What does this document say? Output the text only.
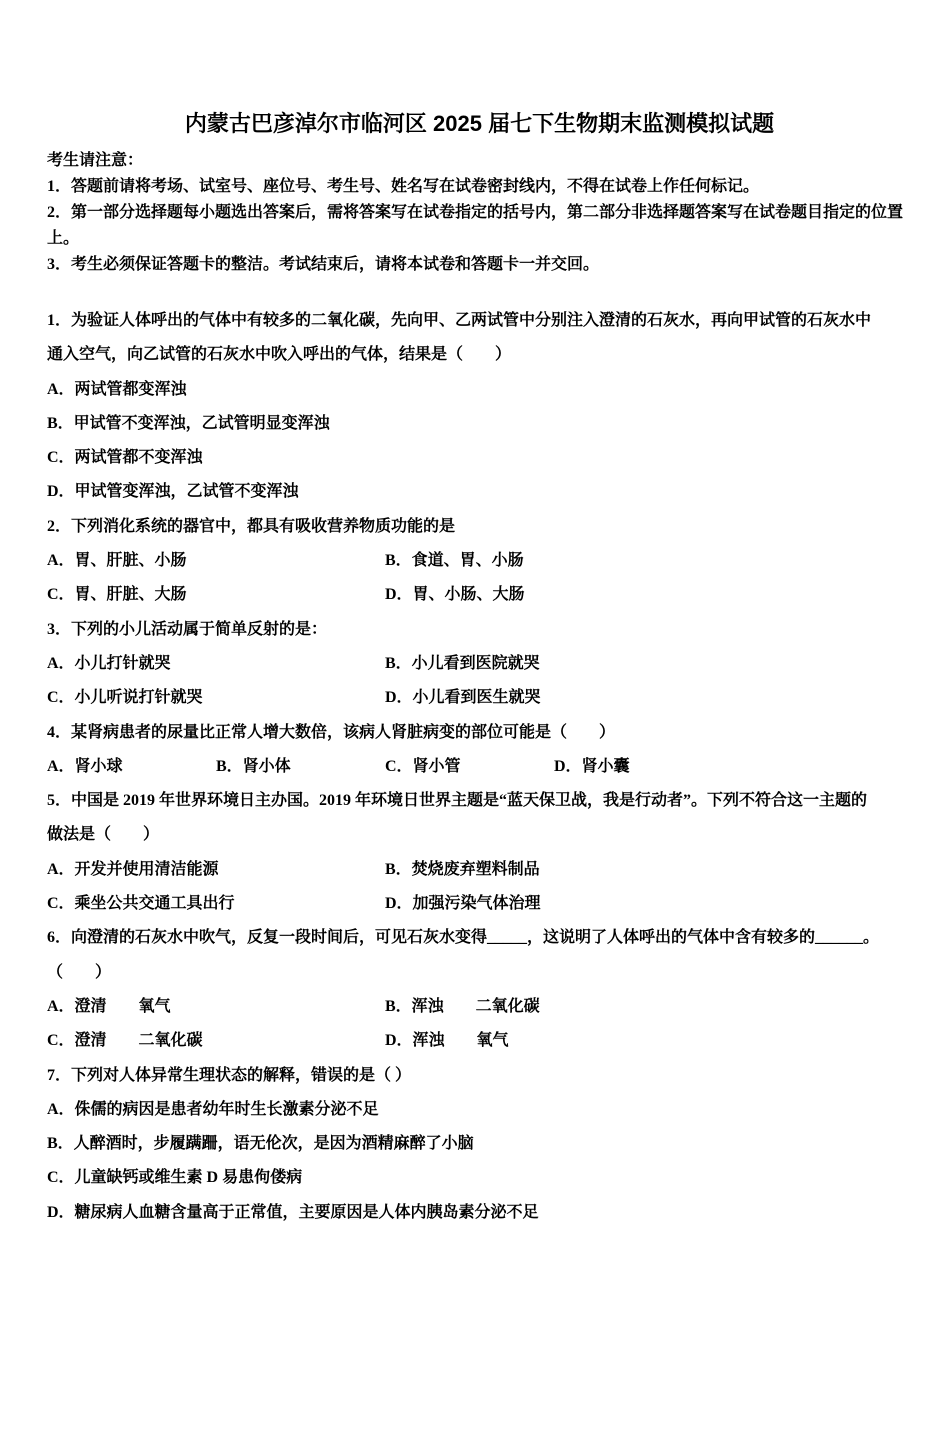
内蒙古巴彦淖尔市临河区 2025 届七下生物期末监测模拟试题
考生请注意：
1．答题前请将考场、试室号、座位号、考生号、姓名写在试卷密封线内，不得在试卷上作任何标记。
2．第一部分选择题每小题选出答案后，需将答案写在试卷指定的括号内，第二部分非选择题答案写在试卷题目指定的位置上。
3．考生必须保证答题卡的整洁。考试结束后，请将本试卷和答题卡一并交回。
1．为验证人体呼出的气体中有较多的二氧化碳，先向甲、乙两试管中分别注入澄清的石灰水，再向甲试管的石灰水中
通入空气，向乙试管的石灰水中吹入呼出的气体，结果是（　　）
A．两试管都变浑浊
B．甲试管不变浑浊，乙试管明显变浑浊
C．两试管都不变浑浊
D．甲试管变浑浊，乙试管不变浑浊
2．下列消化系统的器官中，都具有吸收营养物质功能的是
A．胃、肝脏、小肠	B．食道、胃、小肠
C．胃、肝脏、大肠	D．胃、小肠、大肠
3．下列的小儿活动属于简单反射的是：
A．小儿打针就哭	B．小儿看到医院就哭
C．小儿听说打针就哭	D．小儿看到医生就哭
4．某肾病患者的尿量比正常人增大数倍，该病人肾脏病变的部位可能是（　　）
A．肾小球	B．肾小体	C．肾小管	D．肾小囊
5．中国是 2019 年世界环境日主办国。2019 年环境日世界主题是“蓝天保卫战，我是行动者”。下列不符合这一主题的
做法是（　　）
A．开发并使用清洁能源	B．焚烧废弃塑料制品
C．乘坐公共交通工具出行	D．加强污染气体治理
6．向澄清的石灰水中吹气，反复一段时间后，可见石灰水变得_____，这说明了人体呼出的气体中含有较多的______。
（　　）
A．澄清　　氧气	B．浑浊　　二氧化碳
C．澄清　　二氧化碳	D．浑浊　　氧气
7．下列对人体异常生理状态的解释，错误的是（ ）
A．侏儒的病因是患者幼年时生长激素分泌不足
B．人醉酒时，步履蹒跚，语无伦次，是因为酒精麻醉了小脑
C．儿童缺钙或维生素 D 易患佝偻病
D．糖尿病人血糖含量高于正常值，主要原因是人体内胰岛素分泌不足
